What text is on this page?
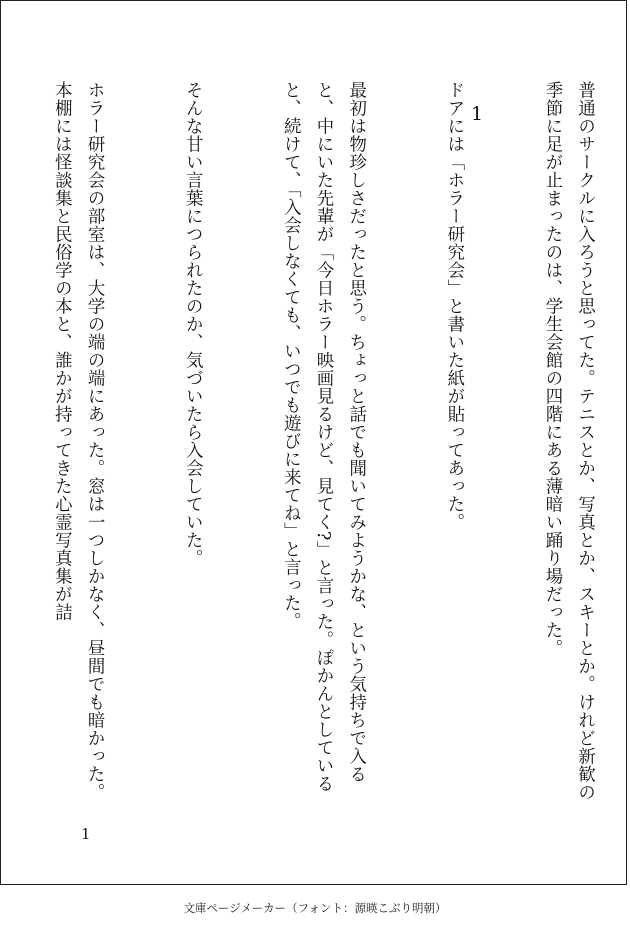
1

	普通のサークルに入ろうと思ってた。テニスとか、写真とか、スキーとか。けれど新歓の季節に足が止まったのは、学生会館の四階にある薄暗い踊り場だった。

ドアには「ホラー研究会」と書いた紙が貼ってあった。

最初は物珍しさだったと思う。ちょっと話でも聞いてみようかな、という気持ちで入ると、中にいた先輩が「今日ホラー映画見るけど、見てく?」と言った。ぽかんとしていると、続けて、「入会しなくても、いつでも遊びに来てね」と言った。

そんな甘い言葉につられたのか、気づいたら入会していた。

ホラー研究会の部室は、大学の端の端にあった。窓は一つしかなく、昼間でも暗かった。本棚には怪談集と民俗学の本と、誰かが持ってきた心霊写真集が詰

1
文庫ページメーカー（フォント：源暎こぶり明朝）
